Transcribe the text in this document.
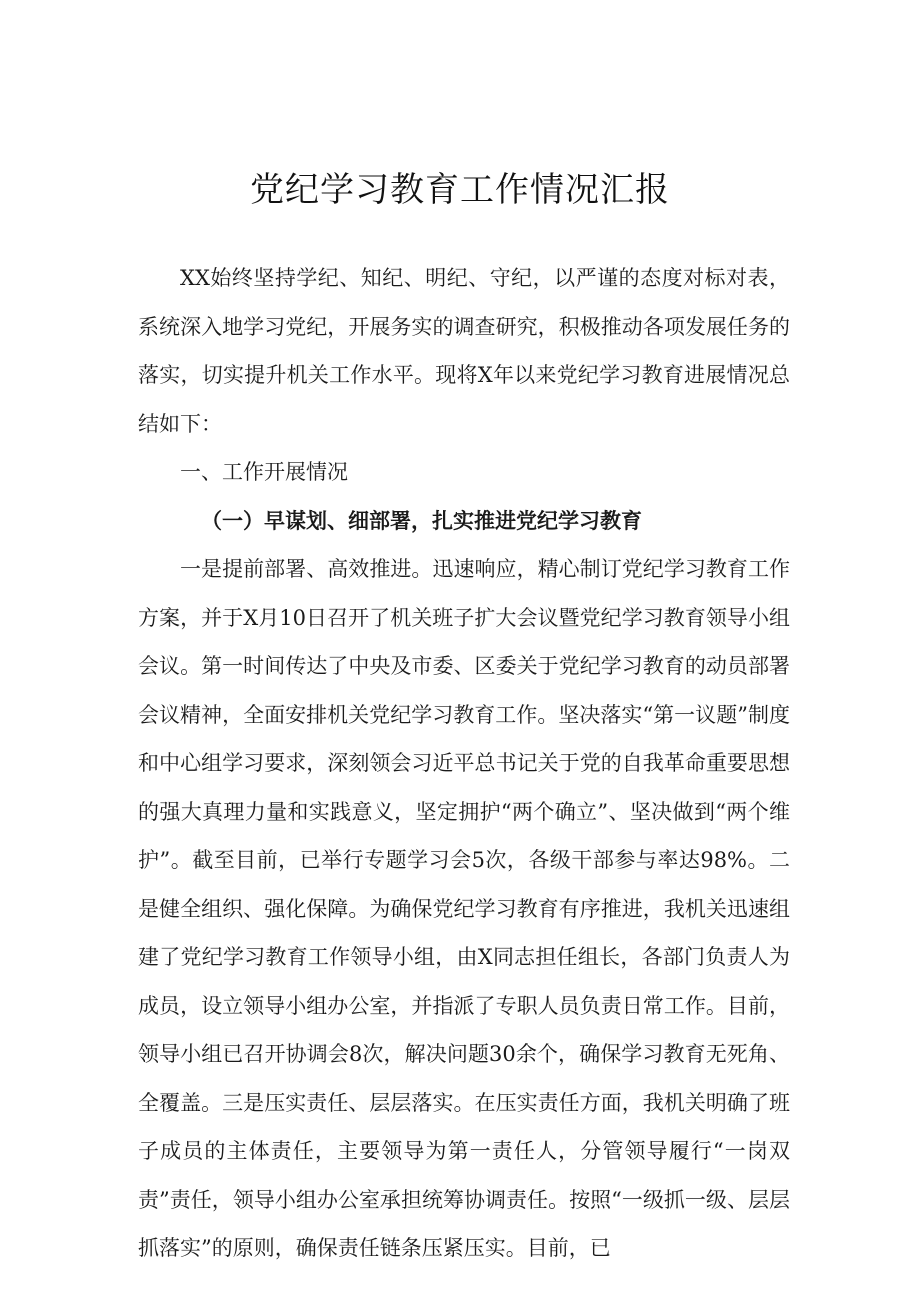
党纪学习教育工作情况汇报

XX始终坚持学纪、知纪、明纪、守纪，以严谨的态度对标对表，系统深入地学习党纪，开展务实的调查研究，积极推动各项发展任务的落实，切实提升机关工作水平。现将X年以来党纪学习教育进展情况总结如下：

一、工作开展情况

（一）早谋划、细部署，扎实推进党纪学习教育

一是提前部署、高效推进。迅速响应，精心制订党纪学习教育工作方案，并于X月10日召开了机关班子扩大会议暨党纪学习教育领导小组会议。第一时间传达了中央及市委、区委关于党纪学习教育的动员部署会议精神，全面安排机关党纪学习教育工作。坚决落实“第一议题”制度和中心组学习要求，深刻领会习近平总书记关于党的自我革命重要思想的强大真理力量和实践意义，坚定拥护“两个确立”、坚决做到“两个维护”。截至目前，已举行专题学习会5次，各级干部参与率达98%。二是健全组织、强化保障。为确保党纪学习教育有序推进，我机关迅速组建了党纪学习教育工作领导小组，由X同志担任组长，各部门负责人为成员，设立领导小组办公室，并指派了专职人员负责日常工作。目前，领导小组已召开协调会8次，解决问题30余个，确保学习教育无死角、全覆盖。三是压实责任、层层落实。在压实责任方面，我机关明确了班子成员的主体责任，主要领导为第一责任人，分管领导履行“一岗双责”责任，领导小组办公室承担统筹协调责任。按照“一级抓一级、层层抓落实”的原则，确保责任链条压紧压实。目前，已
